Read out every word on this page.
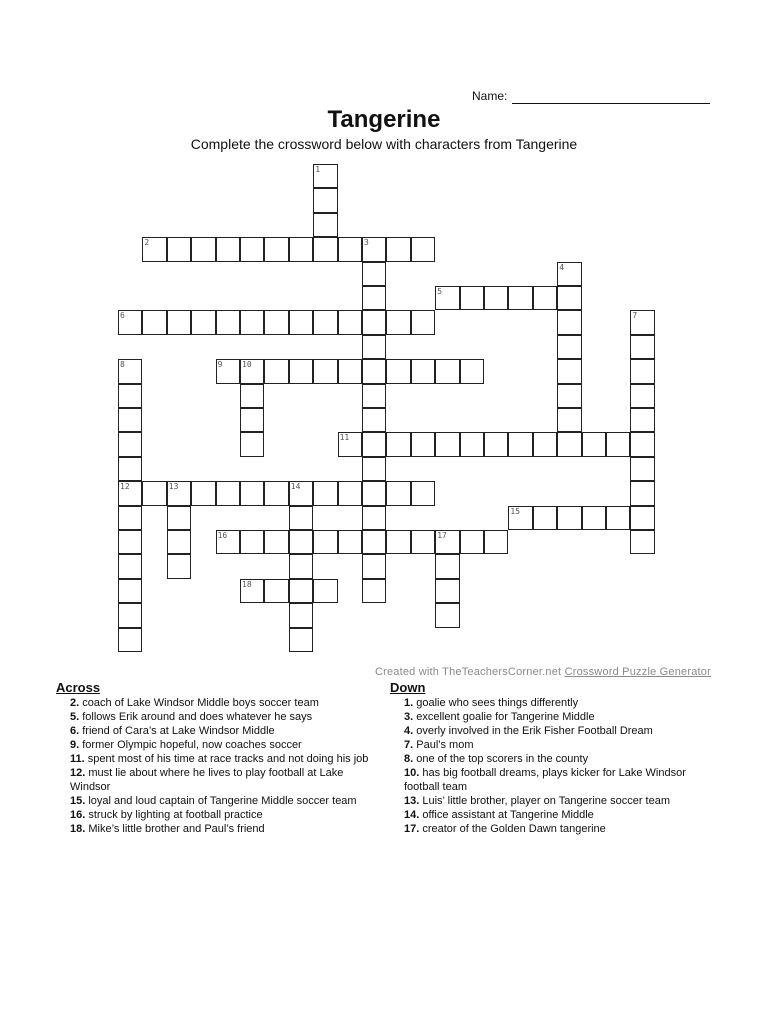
Name:
Tangerine
Complete the crossword below with characters from Tangerine
1
2	3
4
5
6	7
8
12
9 10
11
13	14
15
16	17
18
Created with TheTeachersCorner.net Crossword Puzzle Generator
Across
2. coach of Lake Windsor Middle boys soccer team
5. follows Erik around and does whatever he says
6. friend of Cara’s at Lake Windsor Middle
9. former Olympic hopeful, now coaches soccer
11. spent most of his time at race tracks and not doing his job
12. must lie about where he lives to play football at Lake Windsor
15. loyal and loud captain of Tangerine Middle soccer team
16. struck by lighting at football practice
18. Mike’s little brother and Paul’s friend
Down
1. goalie who sees things differently
3. excellent goalie for Tangerine Middle
4. overly involved in the Erik Fisher Football Dream
7. Paul’s mom
8. one of the top scorers in the county
10. has big football dreams, plays kicker for Lake Windsor football team
13. Luis’ little brother, player on Tangerine soccer team
14. office assistant at Tangerine Middle
17. creator of the Golden Dawn tangerine
